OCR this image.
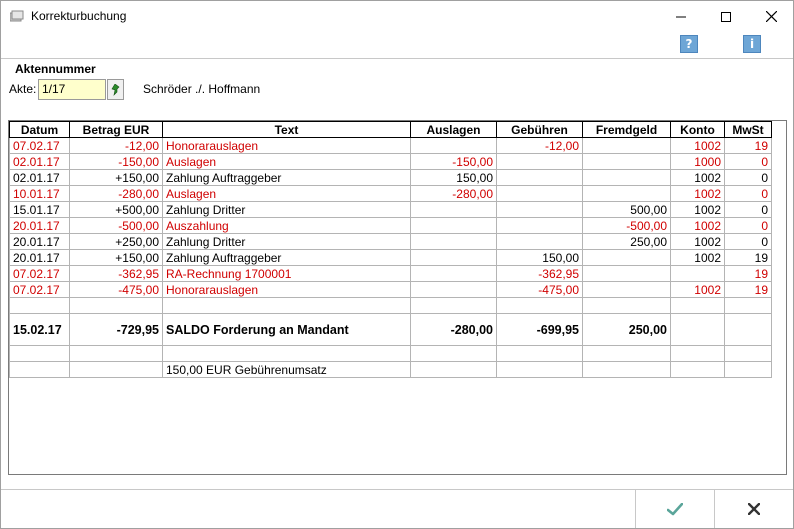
Korrekturbuchung
?	i
Aktennummer
Akte: 1/17	Schröder ./. Hoffmann
Datum	Betrag EUR	Text	Auslagen	Gebühren	Fremdgeld	Konto	MwSt
07.02.17	-12,00	Honorarauslagen		-12,00		1002	19
02.01.17	-150,00	Auslagen	-150,00			1000	0
02.01.17	+150,00	Zahlung Auftraggeber	150,00			1002	0
10.01.17	-280,00	Auslagen	-280,00			1002	0
15.01.17	+500,00	Zahlung Dritter			500,00	1002	0
20.01.17	-500,00	Auszahlung			-500,00	1002	0
20.01.17	+250,00	Zahlung Dritter			250,00	1002	0
20.01.17	+150,00	Zahlung Auftraggeber		150,00		1002	19
07.02.17	-362,95	RA-Rechnung 1700001		-362,95			19
07.02.17	-475,00	Honorarauslagen		-475,00		1002	19

15.02.17	-729,95	SALDO Forderung an Mandant	-280,00	-699,95	250,00		

		150,00 EUR Gebührenumsatz					
